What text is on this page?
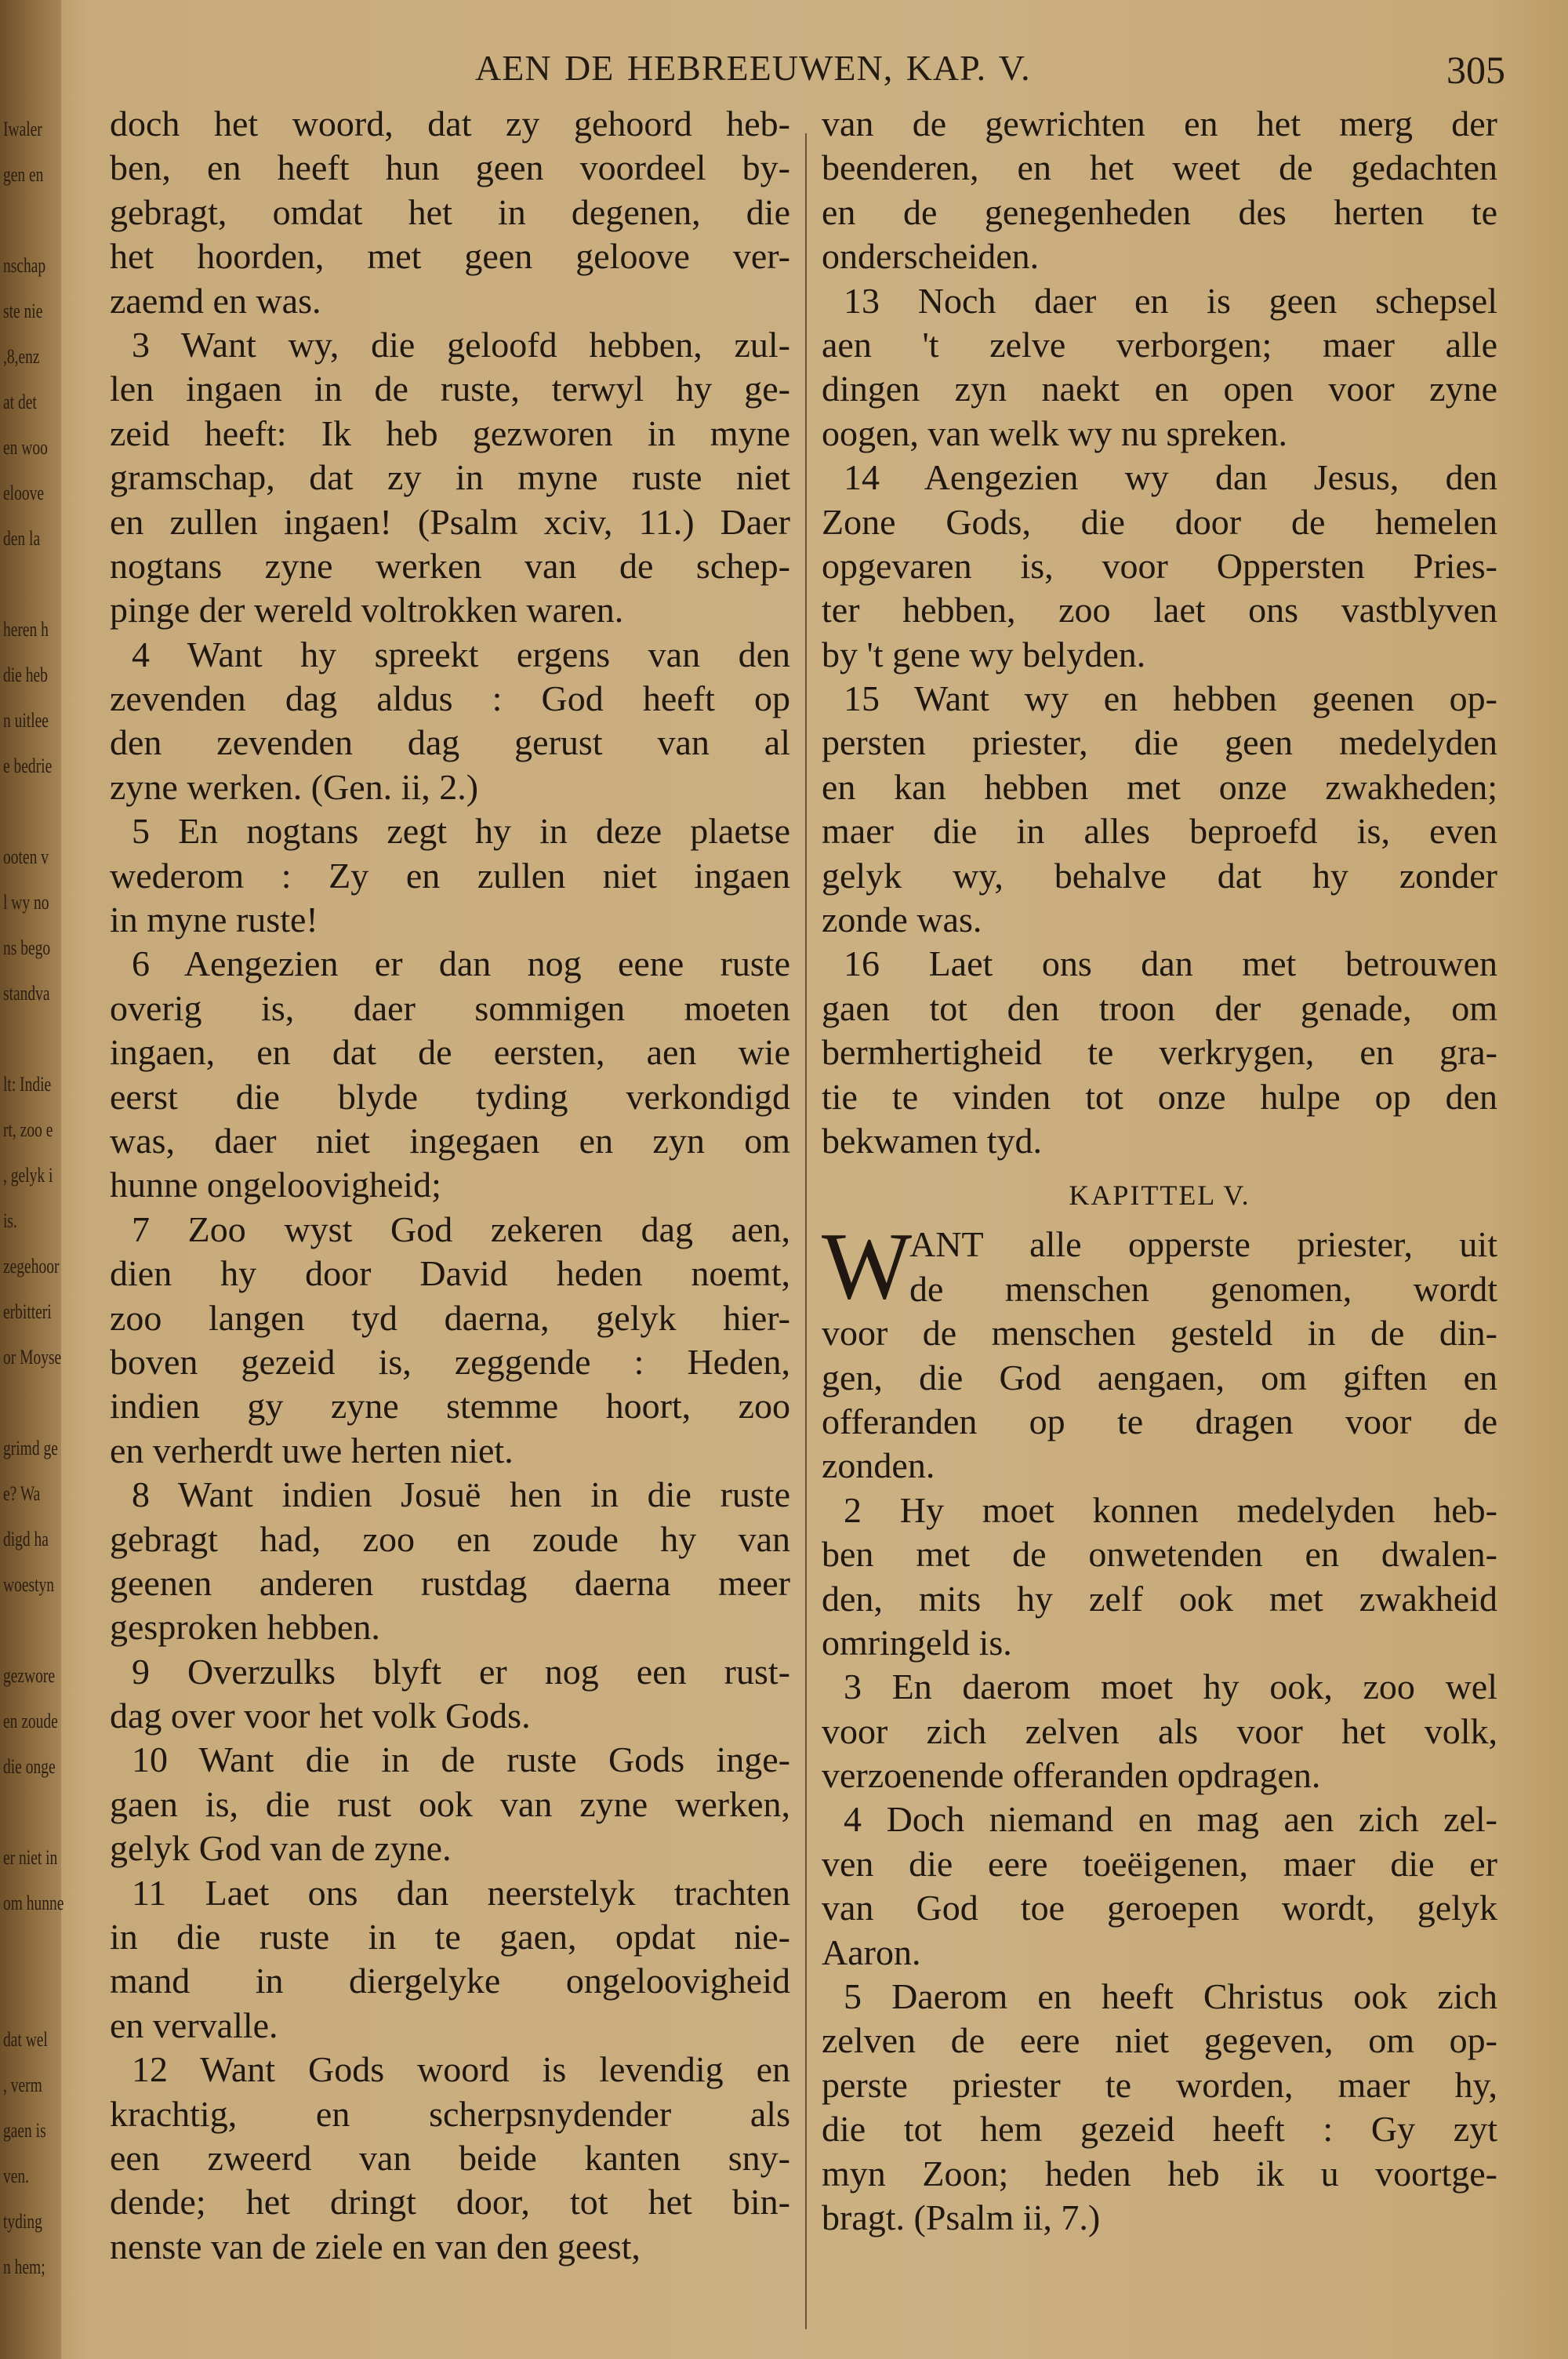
Iwaler
gen en
nschap
ste nie
,8,enz
at det
en woo
eloove
den la
heren h
die heb
n uitlee
e bedrie
ooten v
l wy no
ns bego
standva
lt: Indie
rt, zoo e
, gelyk i
is.
zegehoor
erbitteri
or Moyse
grimd ge
e? Wa
digd ha
woestyn
gezwore
en zoude
die onge
er niet in
om hunne
dat wel
, verm
gaen is
ven.
tyding
n hem;
AEN DE HEBREEUWEN, KAP. V.	305
doch het woord, dat zy gehoord heb-
ben, en heeft hun geen voordeel by-
gebragt, omdat het in degenen, die
het hoorden, met geen geloove ver-
zaemd en was.
3 Want wy, die geloofd hebben, zul-
len ingaen in de ruste, terwyl hy ge-
zeid heeft: Ik heb gezworen in myne
gramschap, dat zy in myne ruste niet
en zullen ingaen! (Psalm xciv, 11.) Daer
nogtans zyne werken van de schep-
pinge der wereld voltrokken waren.
4 Want hy spreekt ergens van den
zevenden dag aldus : God heeft op
den zevenden dag gerust van al
zyne werken. (Gen. ii, 2.)
5 En nogtans zegt hy in deze plaetse
wederom : Zy en zullen niet ingaen
in myne ruste!
6 Aengezien er dan nog eene ruste
overig is, daer sommigen moeten
ingaen, en dat de eersten, aen wie
eerst die blyde tyding verkondigd
was, daer niet ingegaen en zyn om
hunne ongeloovigheid;
7 Zoo wyst God zekeren dag aen,
dien hy door David heden noemt,
zoo langen tyd daerna, gelyk hier-
boven gezeid is, zeggende : Heden,
indien gy zyne stemme hoort, zoo
en verherdt uwe herten niet.
8 Want indien Josuë hen in die ruste
gebragt had, zoo en zoude hy van
geenen anderen rustdag daerna meer
gesproken hebben.
9 Overzulks blyft er nog een rust-
dag over voor het volk Gods.
10 Want die in de ruste Gods inge-
gaen is, die rust ook van zyne werken,
gelyk God van de zyne.
11 Laet ons dan neerstelyk trachten
in die ruste in te gaen, opdat nie-
mand in diergelyke ongeloovigheid
en vervalle.
12 Want Gods woord is levendig en
krachtig, en scherpsnydender als
een zweerd van beide kanten sny-
dende; het dringt door, tot het bin-
nenste van de ziele en van den geest,
van de gewrichten en het merg der
beenderen, en het weet de gedachten
en de genegenheden des herten te
onderscheiden.
13 Noch daer en is geen schepsel
aen 't zelve verborgen; maer alle
dingen zyn naekt en open voor zyne
oogen, van welk wy nu spreken.
14 Aengezien wy dan Jesus, den
Zone Gods, die door de hemelen
opgevaren is, voor Oppersten Pries-
ter hebben, zoo laet ons vastblyven
by 't gene wy belyden.
15 Want wy en hebben geenen op-
persten priester, die geen medelyden
en kan hebben met onze zwakheden;
maer die in alles beproefd is, even
gelyk wy, behalve dat hy zonder
zonde was.
16 Laet ons dan met betrouwen
gaen tot den troon der genade, om
bermhertigheid te verkrygen, en gra-
tie te vinden tot onze hulpe op den
bekwamen tyd.
KAPITTEL V.
W
ANT alle opperste priester, uit
de menschen genomen, wordt
voor de menschen gesteld in de din-
gen, die God aengaen, om giften en
offeranden op te dragen voor de
zonden.
2 Hy moet konnen medelyden heb-
ben met de onwetenden en dwalen-
den, mits hy zelf ook met zwakheid
omringeld is.
3 En daerom moet hy ook, zoo wel
voor zich zelven als voor het volk,
verzoenende offeranden opdragen.
4 Doch niemand en mag aen zich zel-
ven die eere toeëigenen, maer die er
van God toe geroepen wordt, gelyk
Aaron.
5 Daerom en heeft Christus ook zich
zelven de eere niet gegeven, om op-
perste priester te worden, maer hy,
die tot hem gezeid heeft : Gy zyt
myn Zoon; heden heb ik u voortge-
bragt. (Psalm ii, 7.)
